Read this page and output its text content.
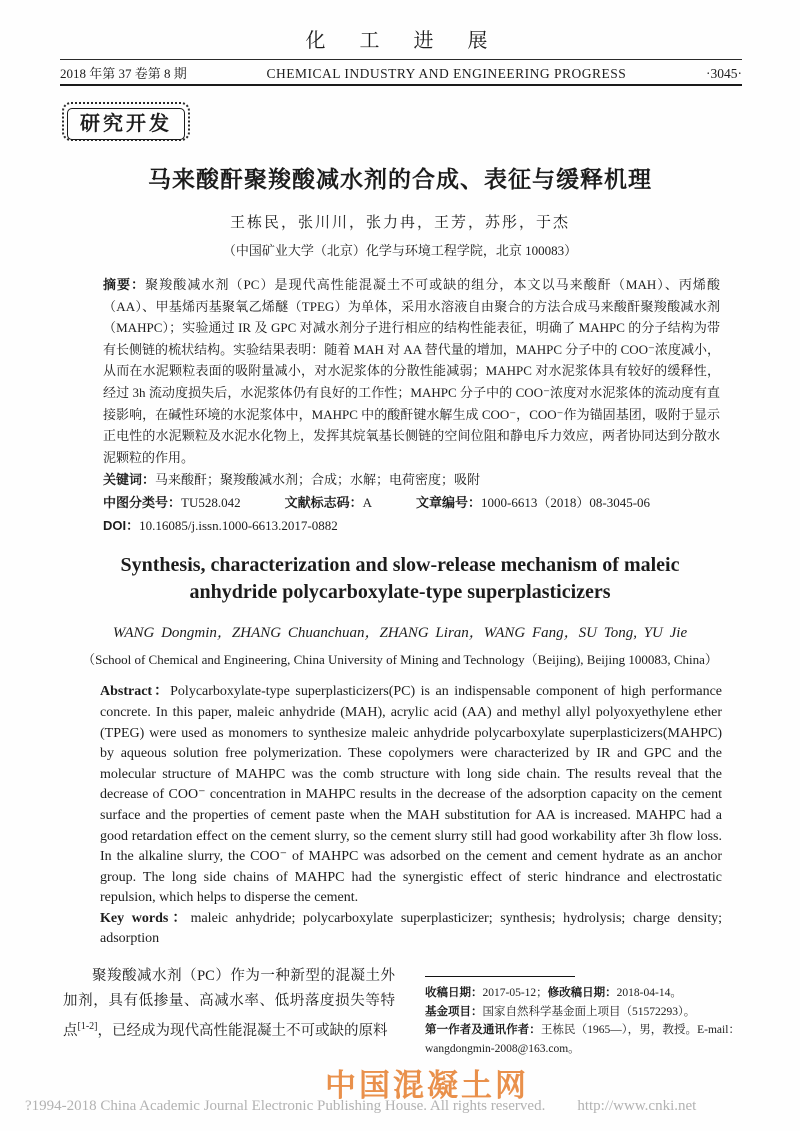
化　工　进　展
2018 年第 37 卷第 8 期	CHEMICAL INDUSTRY AND ENGINEERING PROGRESS	·3045·
研究开发
马来酸酐聚羧酸减水剂的合成、表征与缓释机理
王栋民，张川川，张力冉，王芳，苏彤，于杰
（中国矿业大学（北京）化学与环境工程学院，北京 100083）

摘要：聚羧酸减水剂（PC）是现代高性能混凝土不可或缺的组分，本文以马来酸酐（MAH）、丙烯酸（AA）、甲基烯丙基聚氧乙烯醚（TPEG）为单体，采用水溶液自由聚合的方法合成马来酸酐聚羧酸减水剂（MAHPC）；实验通过 IR 及 GPC 对减水剂分子进行相应的结构性能表征，明确了 MAHPC 的分子结构为带有长侧链的梳状结构。实验结果表明：随着 MAH 对 AA 替代量的增加，MAHPC 分子中的 COO⁻浓度减小，从而在水泥颗粒表面的吸附量减小，对水泥浆体的分散性能减弱；MAHPC 对水泥浆体具有较好的缓释性，经过 3h 流动度损失后，水泥浆体仍有良好的工作性；MAHPC 分子中的 COO⁻浓度对水泥浆体的流动度有直接影响，在碱性环境的水泥浆体中，MAHPC 中的酸酐键水解生成 COO⁻，COO⁻作为锚固基团，吸附于显示正电性的水泥颗粒及水泥水化物上，发挥其烷氧基长侧链的空间位阻和静电斥力效应，两者协同达到分散水泥颗粒的作用。

关键词：马来酸酐；聚羧酸减水剂；合成；水解；电荷密度；吸附

中图分类号：TU528.042	文献标志码：A	文章编号：1000-6613（2018）08-3045-06

DOI：10.16085/j.issn.1000-6613.2017-0882

Synthesis, characterization and slow-release mechanism of maleic
anhydride polycarboxylate-type superplasticizers
WANG Dongmin，ZHANG Chuanchuan，ZHANG Liran，WANG Fang，SU Tong, YU Jie
（School of Chemical and Engineering, China University of Mining and Technology（Beijing), Beijing 100083, China）

Abstract：Polycarboxylate-type superplasticizers(PC) is an indispensable component of high performance concrete. In this paper, maleic anhydride (MAH), acrylic acid (AA) and methyl allyl polyoxyethylene ether (TPEG) were used as monomers to synthesize maleic anhydride polycarboxylate superplasticizers(MAHPC) by aqueous solution free polymerization. These copolymers were characterized by IR and GPC and the molecular structure of MAHPC was the comb structure with long side chain. The results reveal that the decrease of COO⁻ concentration in MAHPC results in the decrease of the adsorption capacity on the cement surface and the properties of cement paste when the MAH substitution for AA is increased. MAHPC had a good retardation effect on the cement slurry, so the cement slurry still had good workability after 3h flow loss. In the alkaline slurry, the COO⁻ of MAHPC was adsorbed on the cement and cement hydrate as an anchor group. The long side chains of MAHPC had the synergistic effect of steric hindrance and electrostatic repulsion, which helps to disperse the cement.

Key words：maleic anhydride; polycarboxylate superplasticizer; synthesis; hydrolysis; charge density; adsorption

聚羧酸减水剂（PC）作为一种新型的混凝土外加剂，具有低掺量、高减水率、低坍落度损失等特点[1-2]，已经成为现代高性能混凝土不可或缺的原料

收稿日期：2017-05-12；修改稿日期：2018-04-14。

基金项目：国家自然科学基金面上项目（51572293）。

第一作者及通讯作者：王栋民（1965—），男，教授。E-mail：wangdongmin-2008@163.com。

中国混凝土网
?1994-2018 China Academic Journal Electronic Publishing House. All rights reserved. http://www.cnki.net
